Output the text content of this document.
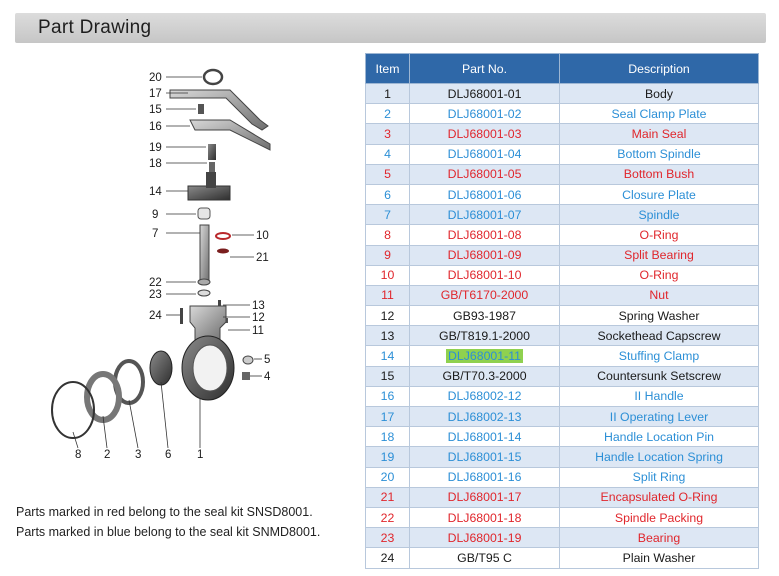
Part Drawing
20
17
15
16
19
18
14
9
7	10
21
22
23
13
12
24
11
5
4
8 2 3 6 1
Parts marked in red belong to the seal kit SNSD8001.
Parts marked in blue belong to the seal kit SNMD8001.
Item	Part No.	Description
1	DLJ68001-01	Body
2	DLJ68001-02	Seal Clamp Plate
3	DLJ68001-03	Main Seal
4	DLJ68001-04	Bottom Spindle
5	DLJ68001-05	Bottom Bush
6	DLJ68001-06	Closure Plate
7	DLJ68001-07	Spindle
8	DLJ68001-08	O-Ring
9	DLJ68001-09	Split Bearing
10	DLJ68001-10	O-Ring
11	GB/T6170-2000	Nut
12	GB93-1987	Spring Washer
13	GB/T819.1-2000	Sockethead Capscrew
14	DLJ68001-11	Stuffing Clamp
15	GB/T70.3-2000	Countersunk Setscrew
16	DLJ68002-12	II Handle
17	DLJ68002-13	II Operating Lever
18	DLJ68001-14	Handle Location Pin
19	DLJ68001-15	Handle Location Spring
20	DLJ68001-16	Split Ring
21	DLJ68001-17	Encapsulated O-Ring
22	DLJ68001-18	Spindle Packing
23	DLJ68001-19	Bearing
24	GB/T95 C	Plain Washer
